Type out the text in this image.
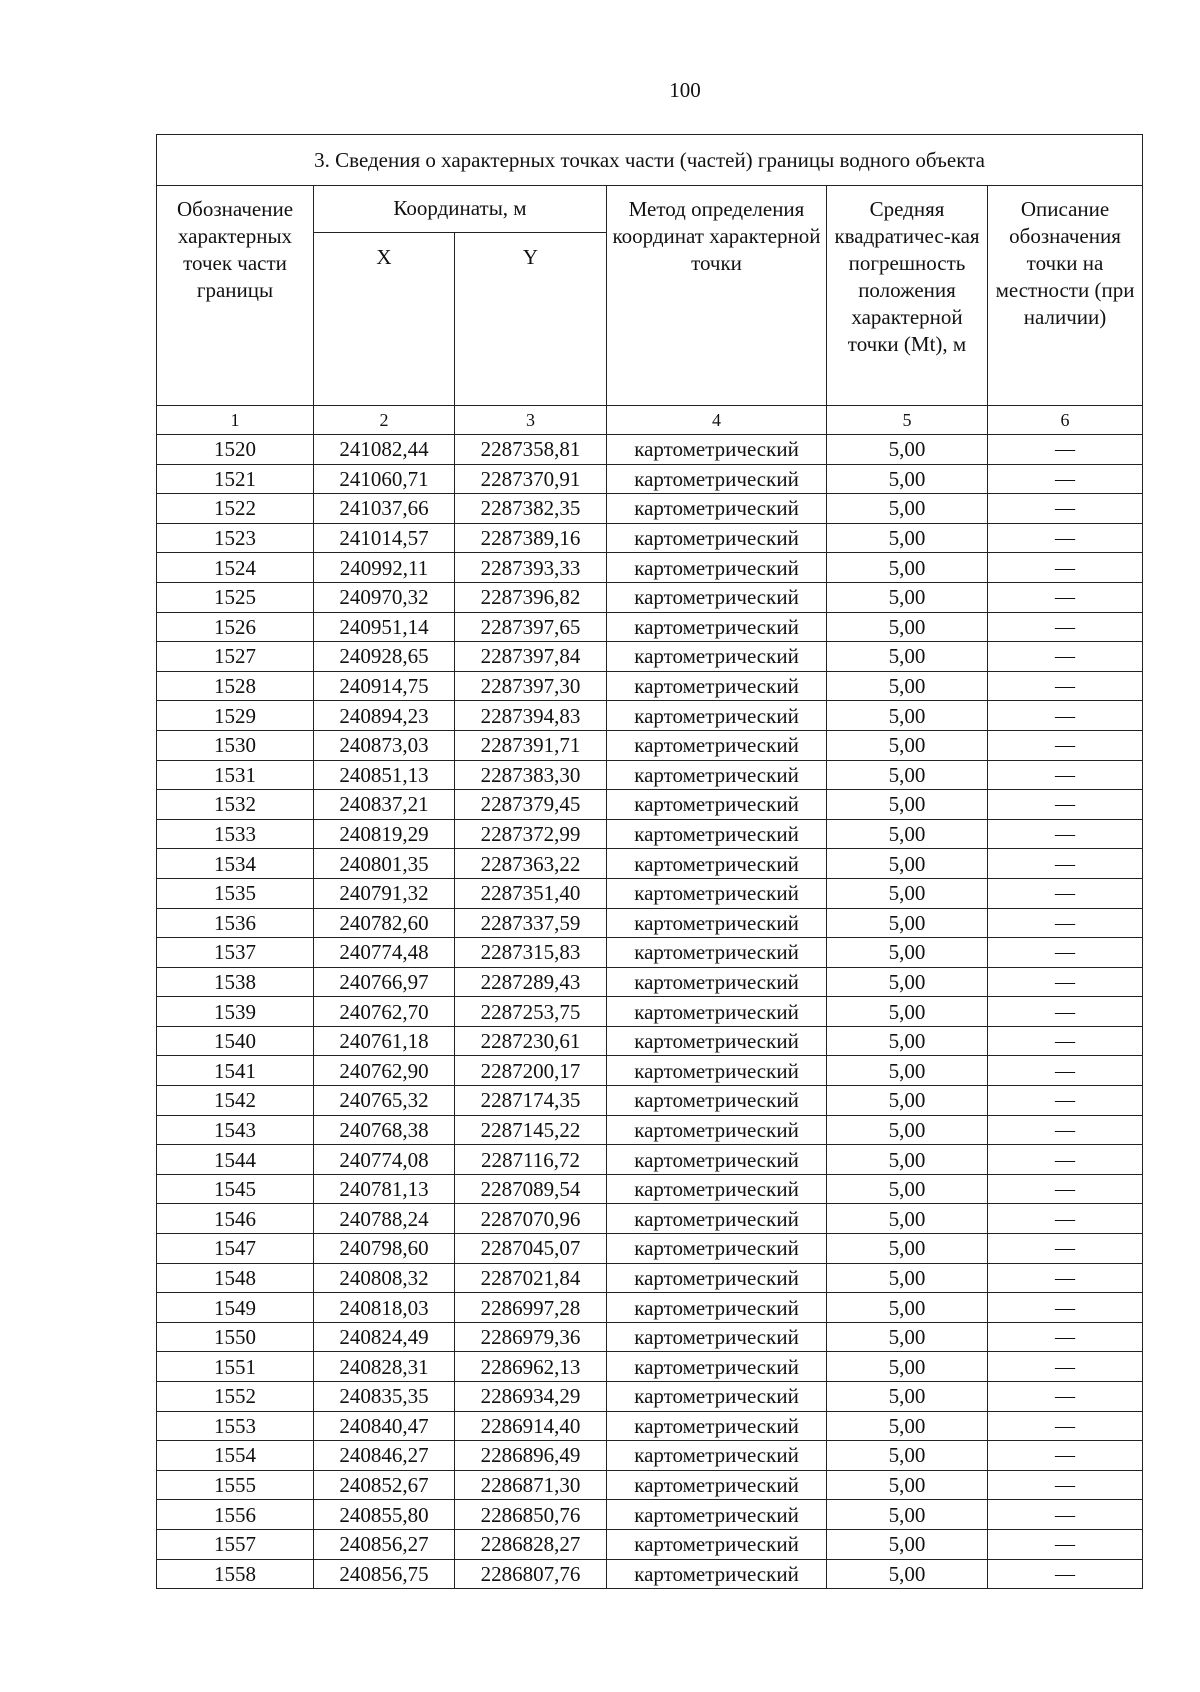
100
3. Сведения о характерных точках части (частей) границы водного объекта					
Обозначение характерных точек части границы	Координаты, м		Метод определения координат характерной точки	Средняя квадратичес-кая погрешность положения характерной точки (Mt), м	Описание обозначения точки на местности (при наличии)
	X	Y			
1	2	3	4	5	6
1520	241082,44	2287358,81	картометрический	5,00	—
1521	241060,71	2287370,91	картометрический	5,00	—
1522	241037,66	2287382,35	картометрический	5,00	—
1523	241014,57	2287389,16	картометрический	5,00	—
1524	240992,11	2287393,33	картометрический	5,00	—
1525	240970,32	2287396,82	картометрический	5,00	—
1526	240951,14	2287397,65	картометрический	5,00	—
1527	240928,65	2287397,84	картометрический	5,00	—
1528	240914,75	2287397,30	картометрический	5,00	—
1529	240894,23	2287394,83	картометрический	5,00	—
1530	240873,03	2287391,71	картометрический	5,00	—
1531	240851,13	2287383,30	картометрический	5,00	—
1532	240837,21	2287379,45	картометрический	5,00	—
1533	240819,29	2287372,99	картометрический	5,00	—
1534	240801,35	2287363,22	картометрический	5,00	—
1535	240791,32	2287351,40	картометрический	5,00	—
1536	240782,60	2287337,59	картометрический	5,00	—
1537	240774,48	2287315,83	картометрический	5,00	—
1538	240766,97	2287289,43	картометрический	5,00	—
1539	240762,70	2287253,75	картометрический	5,00	—
1540	240761,18	2287230,61	картометрический	5,00	—
1541	240762,90	2287200,17	картометрический	5,00	—
1542	240765,32	2287174,35	картометрический	5,00	—
1543	240768,38	2287145,22	картометрический	5,00	—
1544	240774,08	2287116,72	картометрический	5,00	—
1545	240781,13	2287089,54	картометрический	5,00	—
1546	240788,24	2287070,96	картометрический	5,00	—
1547	240798,60	2287045,07	картометрический	5,00	—
1548	240808,32	2287021,84	картометрический	5,00	—
1549	240818,03	2286997,28	картометрический	5,00	—
1550	240824,49	2286979,36	картометрический	5,00	—
1551	240828,31	2286962,13	картометрический	5,00	—
1552	240835,35	2286934,29	картометрический	5,00	—
1553	240840,47	2286914,40	картометрический	5,00	—
1554	240846,27	2286896,49	картометрический	5,00	—
1555	240852,67	2286871,30	картометрический	5,00	—
1556	240855,80	2286850,76	картометрический	5,00	—
1557	240856,27	2286828,27	картометрический	5,00	—
1558	240856,75	2286807,76	картометрический	5,00	—
